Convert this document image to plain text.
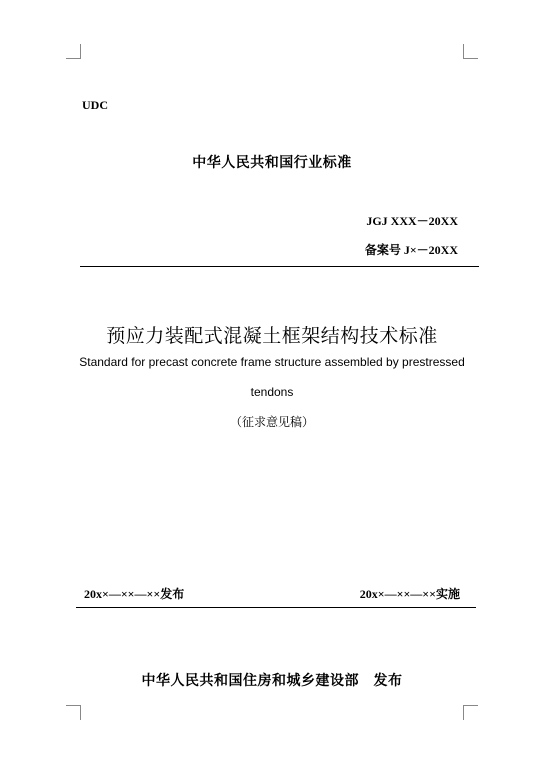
UDC
中华人民共和国行业标准
JGJ XXX－20XX
备案号 J×－20XX
预应力装配式混凝土框架结构技术标准
Standard for precast concrete frame structure assembled by prestressed
tendons
（征求意见稿）
20x×—××—××发布	20x×—××—××实施
中华人民共和国住房和城乡建设部　发布
